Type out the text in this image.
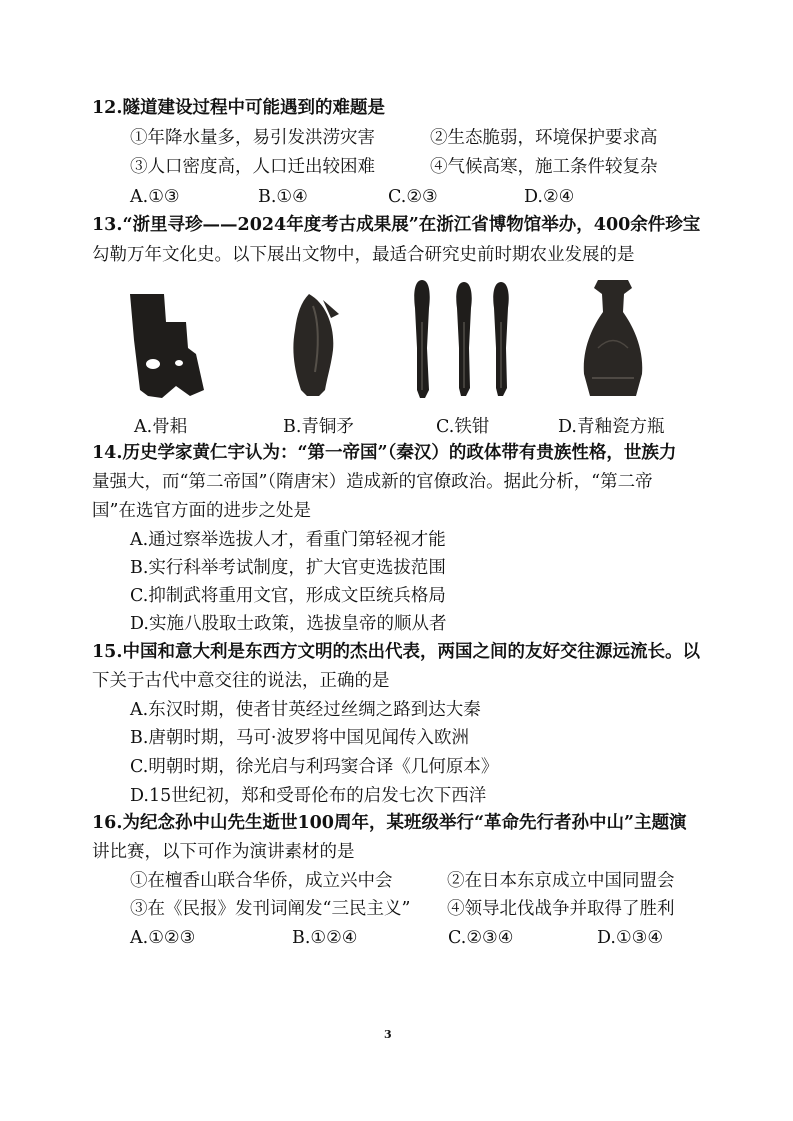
12.隧道建设过程中可能遇到的难题是
①年降水量多，易引发洪涝灾害	②生态脆弱，环境保护要求高
③人口密度高，人口迁出较困难	④气候高寒，施工条件较复杂
A.①③	B.①④	C.②③	D.②④
13.“浙里寻珍——2024年度考古成果展”在浙江省博物馆举办，400余件珍宝
勾勒万年文化史。以下展出文物中，最适合研究史前时期农业发展的是
A.骨耜	B.青铜矛	C.铁钳	D.青釉瓷方瓶
14.历史学家黄仁宇认为：“第一帝国”（秦汉）的政体带有贵族性格，世族力
量强大，而“第二帝国”（隋唐宋）造成新的官僚政治。据此分析，“第二帝
国”在选官方面的进步之处是
A.通过察举选拔人才，看重门第轻视才能
B.实行科举考试制度，扩大官吏选拔范围
C.抑制武将重用文官，形成文臣统兵格局
D.实施八股取士政策，选拔皇帝的顺从者
15.中国和意大利是东西方文明的杰出代表，两国之间的友好交往源远流长。以
下关于古代中意交往的说法，正确的是
A.东汉时期，使者甘英经过丝绸之路到达大秦
B.唐朝时期，马可·波罗将中国见闻传入欧洲
C.明朝时期，徐光启与利玛窦合译《几何原本》
D.15世纪初，郑和受哥伦布的启发七次下西洋
16.为纪念孙中山先生逝世100周年，某班级举行“革命先行者孙中山”主题演
讲比赛，以下可作为演讲素材的是
①在檀香山联合华侨，成立兴中会	②在日本东京成立中国同盟会
③在《民报》发刊词阐发“三民主义” ④领导北伐战争并取得了胜利
A.①②③	B.①②④	C.②③④	D.①③④
3
